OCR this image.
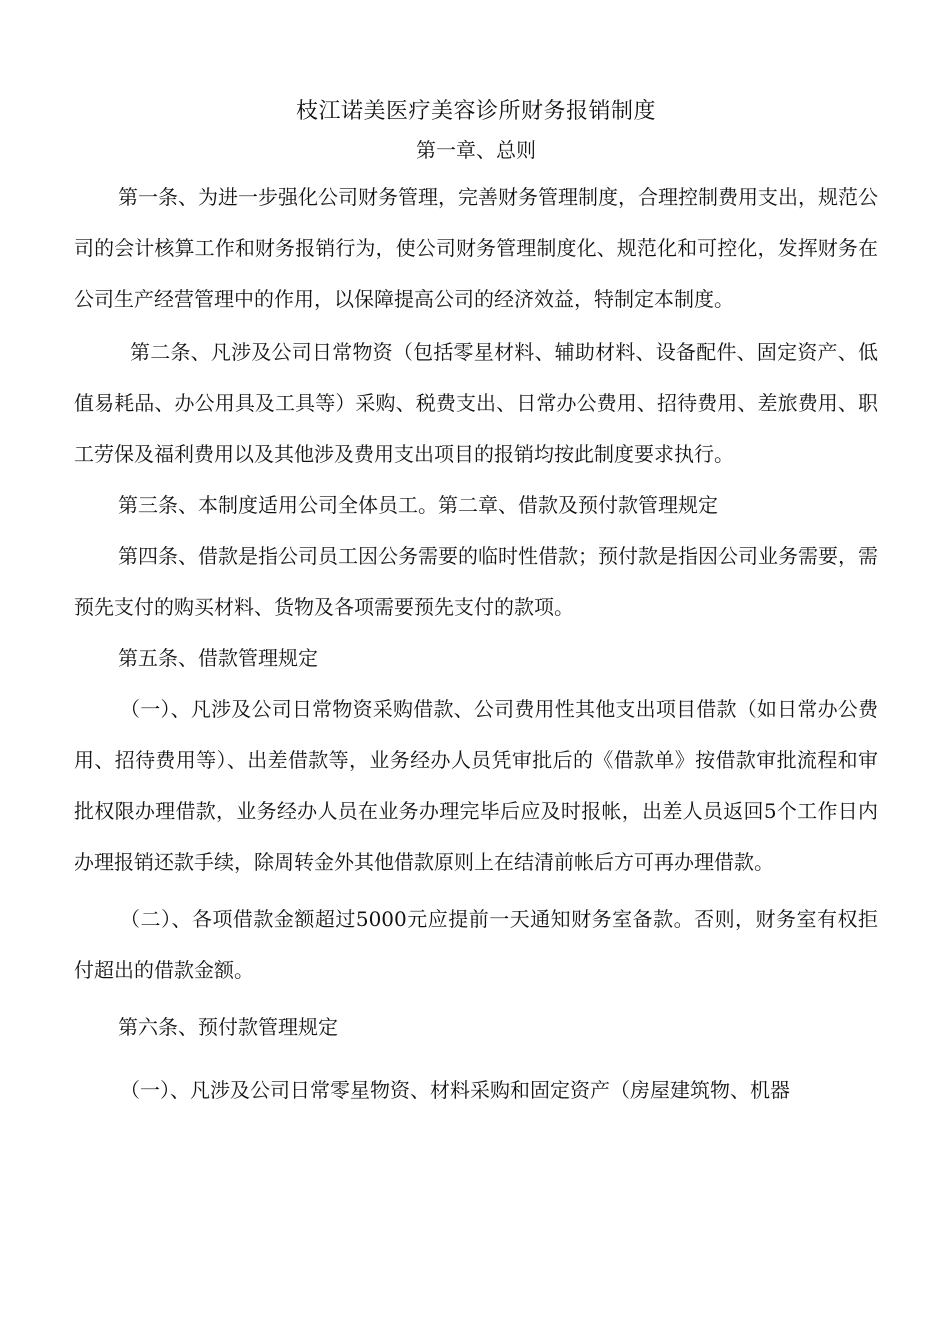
枝江诺美医疗美容诊所财务报销制度
第一章、总则

第一条、为进一步强化公司财务管理，完善财务管理制度，合理控制费用支出，规范公司的会计核算工作和财务报销行为，使公司财务管理制度化、规范化和可控化，发挥财务在公司生产经营管理中的作用，以保障提高公司的经济效益，特制定本制度。

第二条、凡涉及公司日常物资（包括零星材料、辅助材料、设备配件、固定资产、低值易耗品、办公用具及工具等）采购、税费支出、日常办公费用、招待费用、差旅费用、职工劳保及福利费用以及其他涉及费用支出项目的报销均按此制度要求执行。

第三条、本制度适用公司全体员工。第二章、借款及预付款管理规定

第四条、借款是指公司员工因公务需要的临时性借款；预付款是指因公司业务需要，需预先支付的购买材料、货物及各项需要预先支付的款项。

第五条、借款管理规定

（一）、凡涉及公司日常物资采购借款、公司费用性其他支出项目借款（如日常办公费用、招待费用等）、出差借款等，业务经办人员凭审批后的《借款单》按借款审批流程和审批权限办理借款，业务经办人员在业务办理完毕后应及时报帐，出差人员返回5个工作日内办理报销还款手续，除周转金外其他借款原则上在结清前帐后方可再办理借款。

（二）、各项借款金额超过5000元应提前一天通知财务室备款。否则，财务室有权拒付超出的借款金额。

第六条、预付款管理规定

（一）、凡涉及公司日常零星物资、材料采购和固定资产（房屋建筑物、机器
